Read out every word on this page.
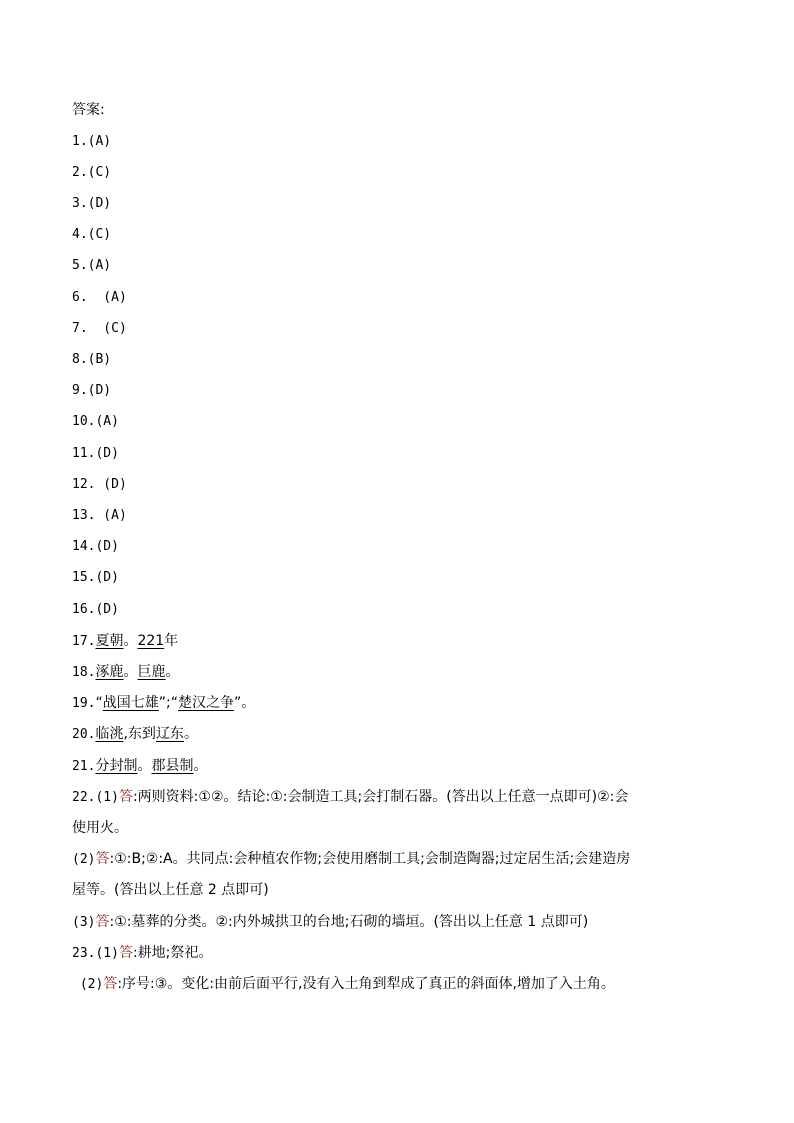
答案:
1.(A)
2.(C)
3.(D)
4.(C)
5.(A)
6.  (A)
7.  (C)
8.(B)
9.(D)
10.(A)
11.(D)
12. (D)
13. (A)
14.(D)
15.(D)
16.(D)
17.夏朝。221年
18.涿鹿。巨鹿。
19.“战国七雄”;“楚汉之争”。
20.临洮,东到辽东。
21.分封制。郡县制。
22.(1)答:两则资料:①②。结论:①:会制造工具;会打制石器。(答出以上任意一点即可)②:会
使用火。
(2)答:①:B;②:A。共同点:会种植农作物;会使用磨制工具;会制造陶器;过定居生活;会建造房
屋等。(答出以上任意 2 点即可)
(3)答:①:墓葬的分类。②:内外城拱卫的台地;石砌的墙垣。(答出以上任意 1 点即可)
23.(1)答:耕地;祭祀。
(2)答:序号:③。变化:由前后面平行,没有入土角到犁成了真正的斜面体,增加了入土角。
